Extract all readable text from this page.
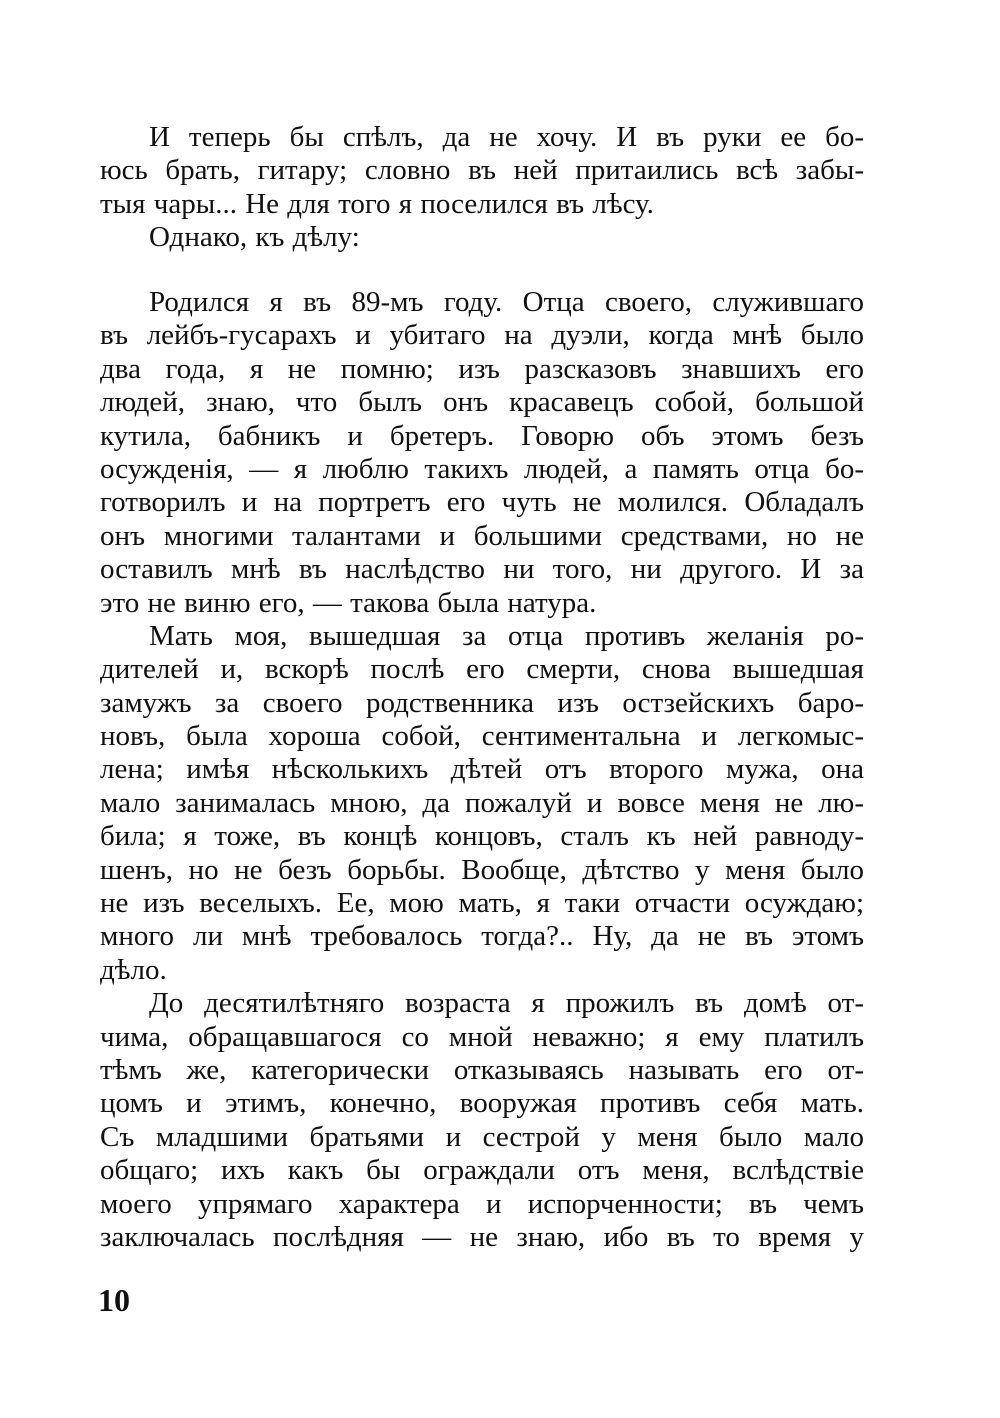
И теперь бы спѣлъ, да не хочу. И въ руки ее бо-
юсь брать, гитару; словно въ ней притаились всѣ забы-
тыя чары... Не для того я поселился въ лѣсу.
Однако, къ дѣлу:
Родился я въ 89-мъ году. Отца своего, служившаго
въ лейбъ-гусарахъ и убитаго на дуэли, когда мнѣ было
два года, я не помню; изъ разсказовъ знавшихъ его
людей, знаю, что былъ онъ красавецъ собой, большой
кутила, бабникъ и бретеръ. Говорю объ этомъ безъ
осужденія, — я люблю такихъ людей, а память отца бо-
готворилъ и на портретъ его чуть не молился. Обладалъ
онъ многими талантами и большими средствами, но не
оставилъ мнѣ въ наслѣдство ни того, ни другого. И за
это не виню его, — такова была натура.
Мать моя, вышедшая за отца противъ желанія ро-
дителей и, вскорѣ послѣ его смерти, снова вышедшая
замужъ за своего родственника изъ остзейскихъ баро-
новъ, была хороша собой, сентиментальна и легкомыс-
лена; имѣя нѣсколькихъ дѣтей отъ второго мужа, она
мало занималась мною, да пожалуй и вовсе меня не лю-
била; я тоже, въ концѣ концовъ, сталъ къ ней равноду-
шенъ, но не безъ борьбы. Вообще, дѣтство у меня было
не изъ веселыхъ. Ее, мою мать, я таки отчасти осуждаю;
много ли мнѣ требовалось тогда?.. Ну, да не въ этомъ
дѣло.
До десятилѣтняго возраста я прожилъ въ домѣ от-
чима, обращавшагося со мной неважно; я ему платилъ
тѣмъ же, категорически отказываясь называть его от-
цомъ и этимъ, конечно, вооружая противъ себя мать.
Съ младшими братьями и сестрой у меня было мало
общаго; ихъ какъ бы ограждали отъ меня, вслѣдствіе
моего упрямаго характера и испорченности; въ чемъ
заключалась послѣдняя — не знаю, ибо въ то время у
10
